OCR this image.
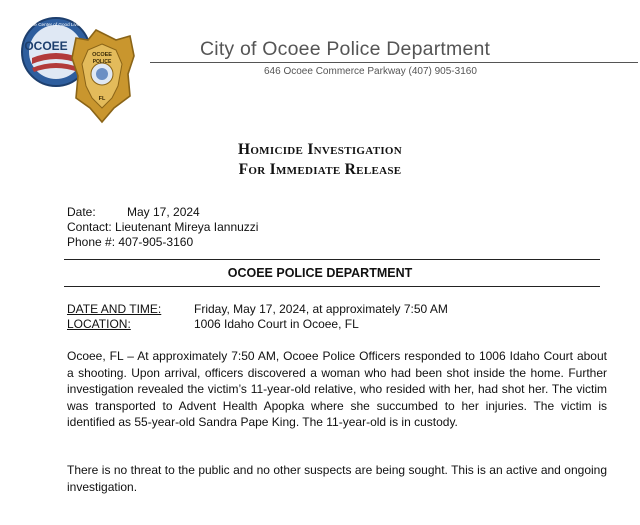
The Center of Good Living
OCOEE
OCOEE
POLICE
FL
City of Ocoee Police Department
646 Ocoee Commerce Parkway (407) 905-3160
Homicide Investigation
For Immediate Release
Date:	May 17, 2024
Contact: Lieutenant Mireya Iannuzzi
Phone #: 407-905-3160
OCOEE POLICE DEPARTMENT
DATE AND TIME:	Friday, May 17, 2024, at approximately 7:50 AM
LOCATION:	1006 Idaho Court in Ocoee, FL
Ocoee, FL – At approximately 7:50 AM, Ocoee Police Officers responded to 1006 Idaho Court about a shooting. Upon arrival, officers discovered a woman who had been shot inside the home. Further investigation revealed the victim’s 11-year-old relative, who resided with her, had shot her. The victim was transported to Advent Health Apopka where she succumbed to her injuries. The victim is identified as 55-year-old Sandra Pape King. The 11-year-old is in custody.
There is no threat to the public and no other suspects are being sought. This is an active and ongoing investigation.
